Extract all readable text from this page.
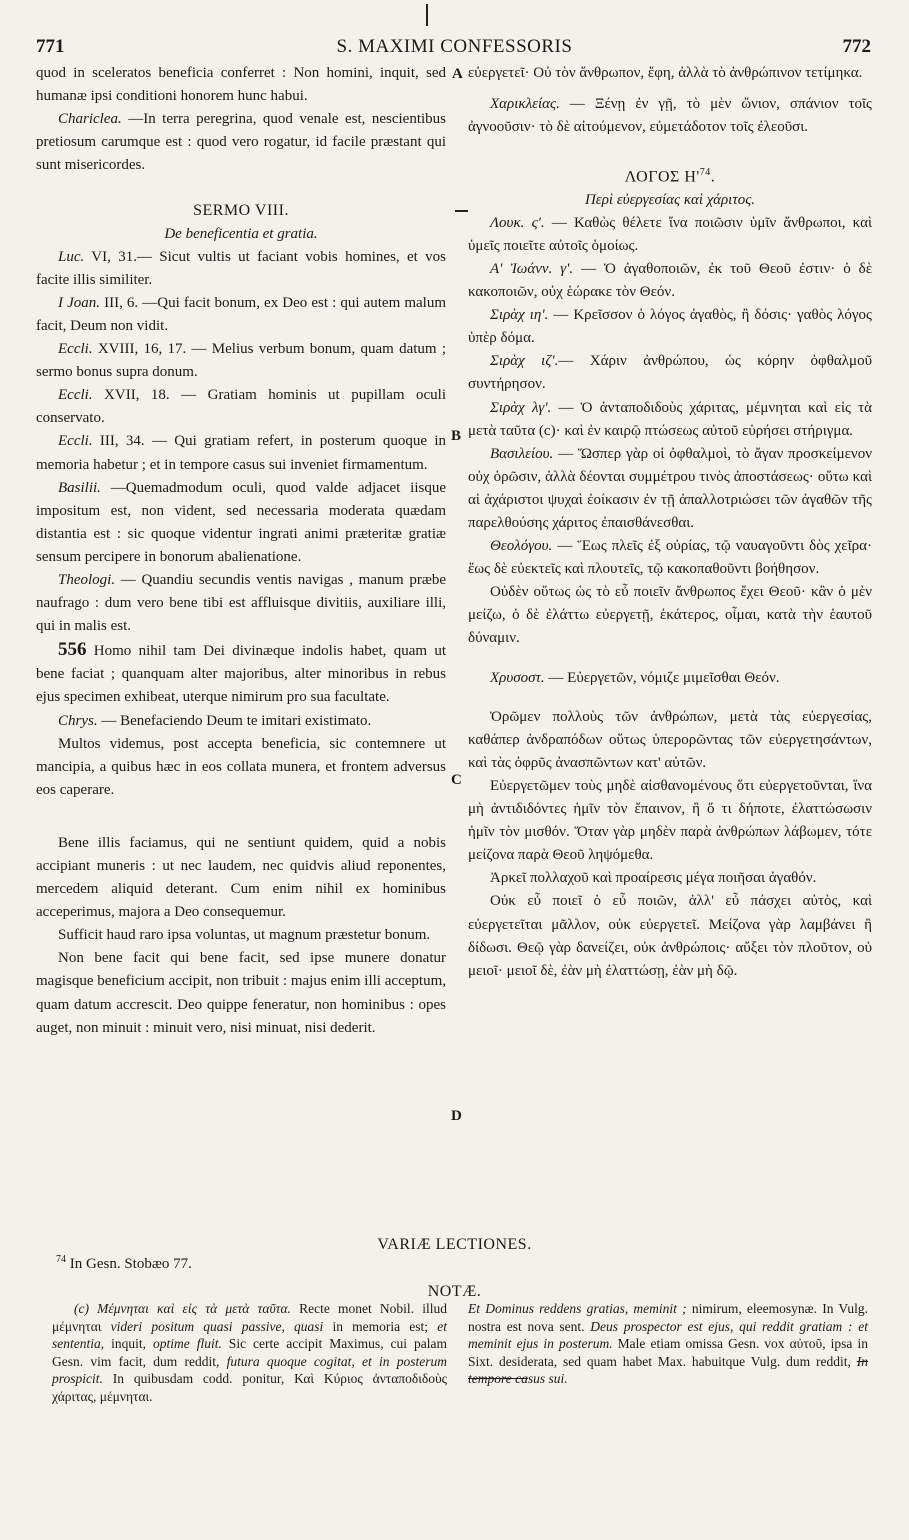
771	S. MAXIMI CONFESSORIS	772
A
B
C
D

quod in sceleratos beneficia conferret : Non homini, inquit, sed humanæ ipsi conditioni honorem hunc habui.

Chariclea. —In terra peregrina, quod venale est, nescientibus pretiosum carumque est : quod vero rogatur, id facile præstant qui sunt misericordes.

SERMO VIII.

De beneficentia et gratia.

Luc. VI, 31.— Sicut vultis ut faciant vobis homines, et vos facite illis similiter.

I Joan. III, 6. —Qui facit bonum, ex Deo est : qui autem malum facit, Deum non vidit.

Eccli. XVIII, 16, 17. — Melius verbum bonum, quam datum ; sermo bonus supra donum.

Eccli. XVII, 18. — Gratiam hominis ut pupillam oculi conservato.

Eccli. III, 34. — Qui gratiam refert, in posterum quoque in memoria habetur ; et in tempore casus sui inveniet firmamentum.

Basilii. —Quemadmodum oculi, quod valde adjacet iisque impositum est, non vident, sed necessaria moderata quædam distantia est : sic quoque videntur ingrati animi præteritæ gratiæ sensum percipere in bonorum abalienatione.

Theologi. — Quandiu secundis ventis navigas , manum præbe naufrago : dum vero bene tibi est affluisque divitiis, auxiliare illi, qui in malis est.

556 Homo nihil tam Dei divinæque indolis habet, quam ut bene faciat ; quanquam alter majoribus, alter minoribus in rebus ejus specimen exhibeat, uterque nimirum pro sua facultate.

Chrys. — Benefaciendo Deum te imitari existimato.

Multos videmus, post accepta beneficia, sic contemnere ut mancipia, a quibus hæc in eos collata munera, et frontem adversus eos caperare.

Bene illis faciamus, qui ne sentiunt quidem, quid a nobis accipiant muneris : ut nec laudem, nec quidvis aliud reponentes, mercedem aliquid deterant. Cum enim nihil ex hominibus acceperimus, majora a Deo consequemur.

Sufficit haud raro ipsa voluntas, ut magnum præstetur bonum.

Non bene facit qui bene facit, sed ipse munere donatur magisque beneficium accipit, non tribuit : majus enim illi acceptum, quam datum accrescit. Deo quippe feneratur, non hominibus : opes auget, non minuit : minuit vero, nisi minuat, nisi dederit.

εὐεργετεῖ· Οὐ τὸν ἄνθρωπον, ἔφη, ἀλλὰ τὸ ἀνθρώπινον τετίμηκα.

Χαρικλείας. — Ξένῃ ἐν γῇ, τὸ μὲν ὤνιον, σπάνιον τοῖς ἀγνοοῦσιν· τὸ δὲ αἰτούμενον, εὐμετάδοτον τοῖς ἐλεοῦσι.

ΛΟΓΟΣ $H'^{74}$.

Περὶ εὐεργεσίας καὶ χάριτος.

Λουκ. ς'. — Καθὼς θέλετε ἵνα ποιῶσιν ὑμῖν ἄνθρωποι, καὶ ὑμεῖς ποιεῖτε αὐτοῖς ὁμοίως.

Α' Ἰωάνν. γ'. — Ὁ ἀγαθοποιῶν, ἐκ τοῦ Θεοῦ ἐστιν· ὁ δὲ κακοποιῶν, οὐχ ἑώρακε τὸν Θεόν.

Σιρὰχ ιη'. — Κρεῖσσον ὁ λόγος ἀγαθὸς, ἢ δόσις· γαθὸς λόγος ὑπὲρ δόμα.

Σιρὰχ ιζ'.— Χάριν ἀνθρώπου, ὡς κόρην ὀφθαλμοῦ συντήρησον.

Σιρὰχ λγ'. — Ὁ ἀνταποδιδοὺς χάριτας, μέμνηται καὶ εἰς τὰ μετὰ ταῦτα (c)· καὶ ἐν καιρῷ πτώσεως αὐτοῦ εὑρήσει στήριγμα.

Βασιλείου. — Ὥσπερ γὰρ οἱ ὀφθαλμοὶ, τὸ ἄγαν προσκείμενον οὐχ ὁρῶσιν, ἀλλὰ δέονται συμμέτρου τινὸς ἀποστάσεως· οὕτω καὶ αἱ ἀχάριστοι ψυχαὶ ἐοίκασιν ἐν τῇ ἀπαλλοτριώσει τῶν ἀγαθῶν τῆς παρελθούσης χάριτος ἐπαισθάνεσθαι.

Θεολόγου. — Ἕως πλεῖς ἐξ οὐρίας, τῷ ναυαγοῦντι δὸς χεῖρα· ἕως δὲ εὐεκτεῖς καὶ πλουτεῖς, τῷ κακοπαθοῦντι βοήθησον.

Οὐδὲν οὕτως ὡς τὸ εὖ ποιεῖν ἄνθρωπος ἔχει Θεοῦ· κἂν ὁ μὲν μείζω, ὁ δὲ ἐλάττω εὐεργετῇ, ἑκάτερος, οἶμαι, κατὰ τὴν ἑαυτοῦ δύναμιν.

Χρυσοστ. — Εὐεργετῶν, νόμιζε μιμεῖσθαι Θεόν.

Ὁρῶμεν πολλοὺς τῶν ἀνθρώπων, μετὰ τὰς εὐεργεσίας, καθάπερ ἀνδραπόδων οὕτως ὑπερορῶντας τῶν εὐεργετησάντων, καὶ τὰς ὀφρῦς ἀνασπῶντων κατ' αὐτῶν.

Εὐεργετῶμεν τοὺς μηδὲ αἰσθανομένους ὅτι εὐεργετοῦνται, ἵνα μὴ ἀντιδιδόντες ἡμῖν τὸν ἔπαινον, ἢ ὅ τι δήποτε, ἐλαττώσωσιν ἡμῖν τὸν μισθόν. Ὅταν γὰρ μηδὲν παρὰ ἀνθρώπων λάβωμεν, τότε μείζονα παρὰ Θεοῦ ληψόμεθα.

Ἀρκεῖ πολλαχοῦ καὶ προαίρεσις μέγα ποιῆσαι ἀγαθόν.

Οὐκ εὖ ποιεῖ ὁ εὖ ποιῶν, ἀλλ' εὖ πάσχει αὐτὸς, καὶ εὐεργετεῖται μᾶλλον, οὐκ εὐεργετεῖ. Μείζονα γὰρ λαμβάνει ἢ δίδωσι. Θεῷ γὰρ δανείζει, οὐκ ἀνθρώποις· αὔξει τὸν πλοῦτον, οὐ μειοῖ· μειοῖ δὲ, ἐὰν μὴ ἐλαττώσῃ, ἐὰν μὴ δῷ.

VARIÆ LECTIONES.
$^{74}$ In Gesn. Stobæo 77.
NOTÆ.

(c) Μέμνηται καὶ εἰς τὰ μετὰ ταῦτα. Recte monet Nobil. illud μέμνηται videri positum quasi passive, quasi in memoria est; et sententia, inquit, optime fluit. Sic certe accipit Maximus, cui palam Gesn. vim facit, dum reddit, futura quoque cogitat, et in posterum prospicit. In quibusdam codd. ponitur, Καὶ Κύριος ἀνταποδιδοὺς χάριτας, μέμνηται.

Et Dominus reddens gratias, meminit ; nimirum, eleemosynæ. In Vulg. nostra est nova sent. Deus prospector est ejus, qui reddit gratiam : et meminit ejus in posterum. Male etiam omissa Gesn. vox αὐτοῦ, ipsa in Sixt. desiderata, sed quam habet Max. habuitque Vulg. dum reddit, In tempore casus sui.
